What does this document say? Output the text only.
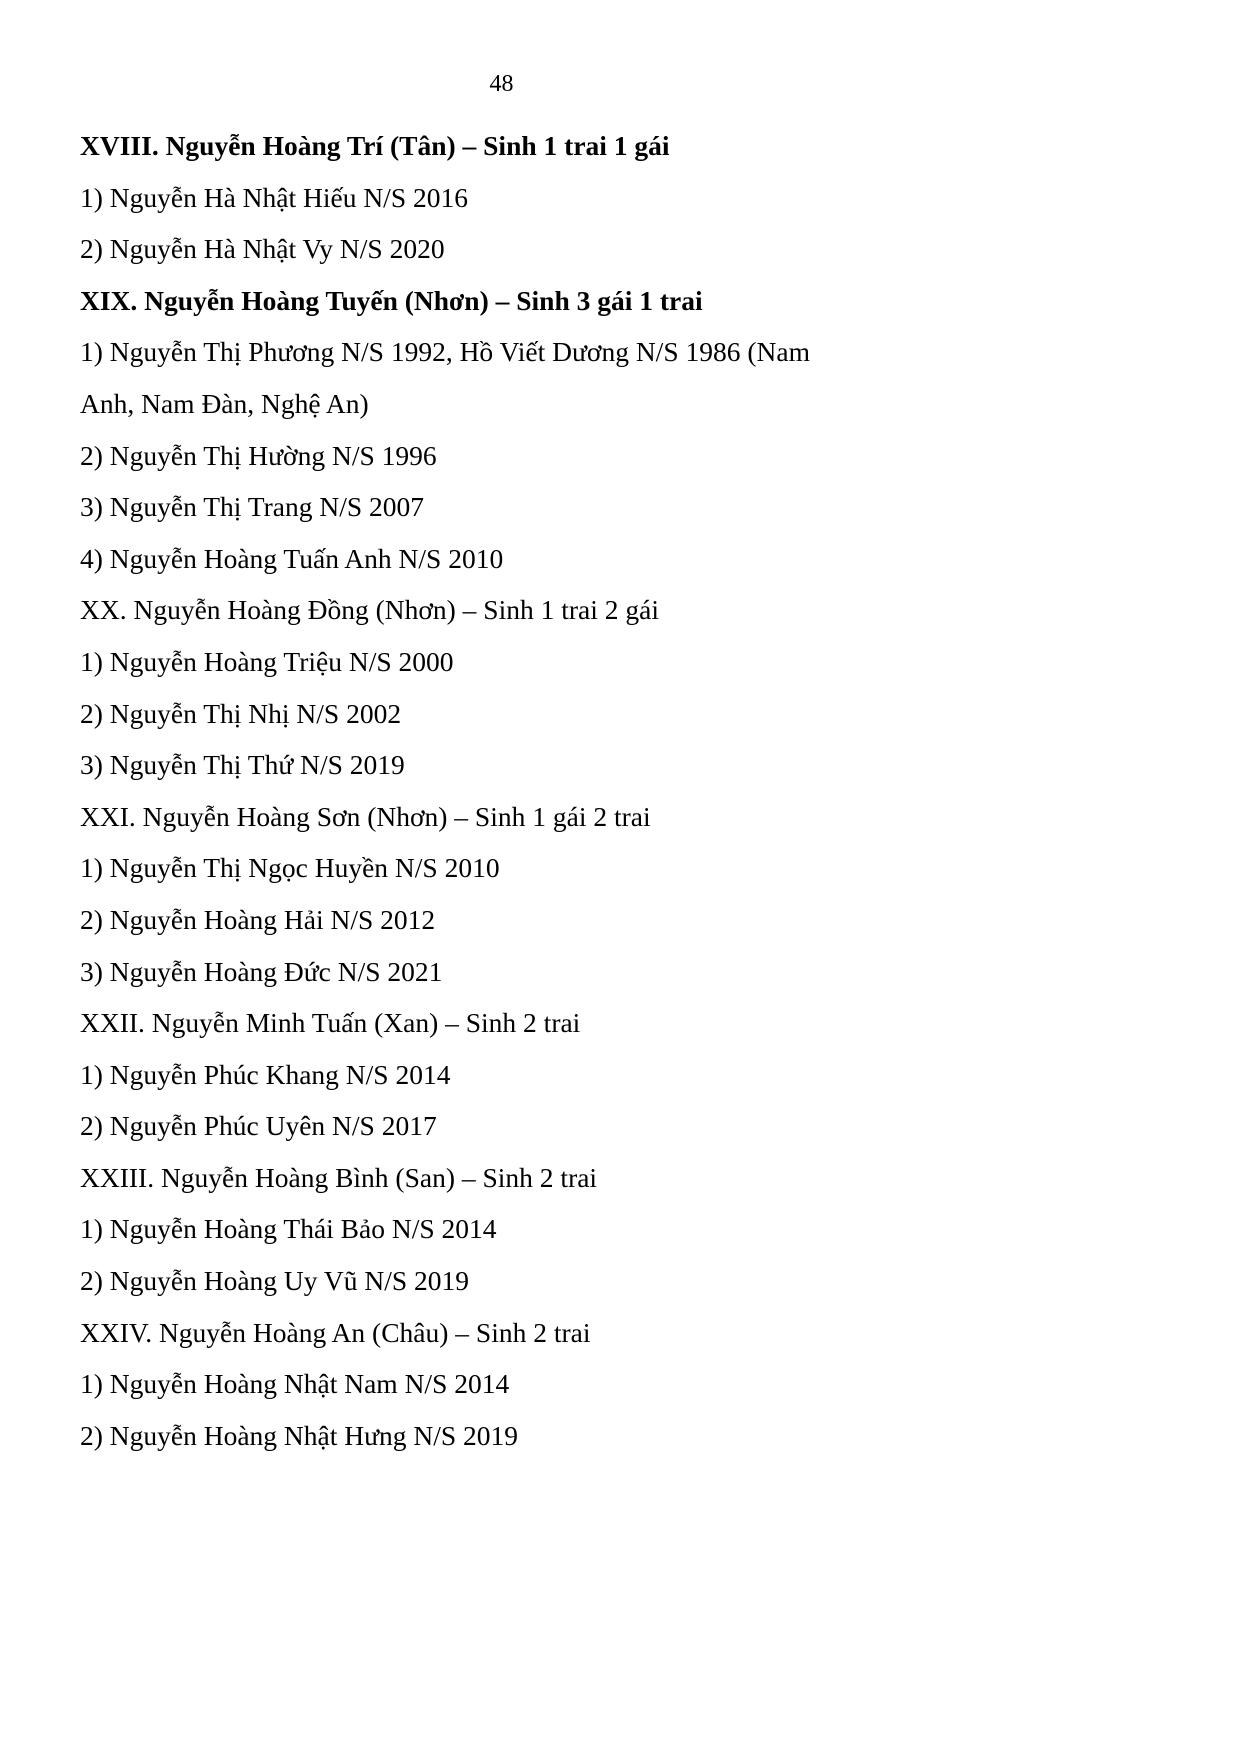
48
XVIII. Nguyễn Hoàng Trí (Tân) – Sinh 1 trai 1 gái
1) Nguyễn Hà Nhật Hiếu N/S 2016
2) Nguyễn Hà Nhật Vy N/S 2020
XIX. Nguyễn Hoàng Tuyến (Nhơn) – Sinh 3 gái 1 trai
1) Nguyễn Thị Phương N/S 1992, Hồ Viết Dương N/S 1986 (Nam
Anh, Nam Đàn, Nghệ An)
2) Nguyễn Thị Hường N/S 1996
3) Nguyễn Thị Trang N/S 2007
4) Nguyễn Hoàng Tuấn Anh N/S 2010
XX. Nguyễn Hoàng Đồng (Nhơn) – Sinh 1 trai 2 gái
1) Nguyễn Hoàng Triệu N/S 2000
2) Nguyễn Thị Nhị N/S 2002
3) Nguyễn Thị Thứ N/S 2019
XXI. Nguyễn Hoàng Sơn (Nhơn) – Sinh 1 gái 2 trai
1) Nguyễn Thị Ngọc Huyền N/S 2010
2) Nguyễn Hoàng Hải N/S 2012
3) Nguyễn Hoàng Đức N/S 2021
XXII. Nguyễn Minh Tuấn (Xan) – Sinh 2 trai
1) Nguyễn Phúc Khang N/S 2014
2) Nguyễn Phúc Uyên N/S 2017
XXIII. Nguyễn Hoàng Bình (San) – Sinh 2 trai
1) Nguyễn Hoàng Thái Bảo N/S 2014
2) Nguyễn Hoàng Uy Vũ N/S 2019
XXIV. Nguyễn Hoàng An (Châu) – Sinh 2 trai
1) Nguyễn Hoàng Nhật Nam N/S 2014
2) Nguyễn Hoàng Nhật Hưng N/S 2019
